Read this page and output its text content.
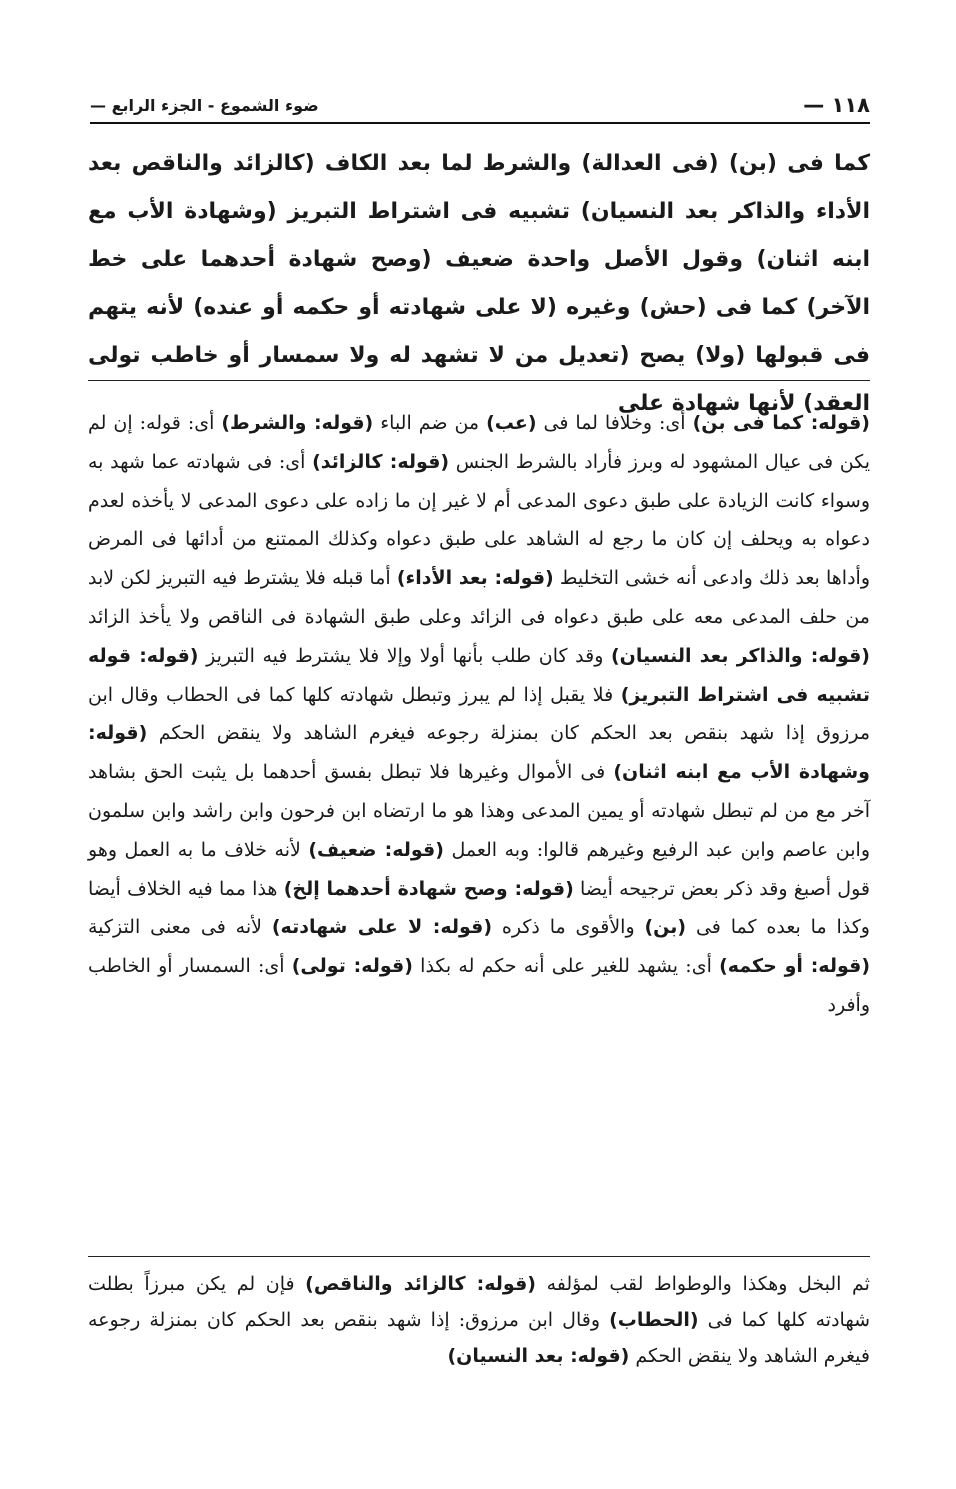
١١٨ —
ضوء الشموع - الجزء الرابع —

كما فى (بن) (فى العدالة) والشرط لما بعد الكاف (كالزائد والناقص بعد الأداء والذاكر بعد النسيان) تشبيه فى اشتراط التبريز (وشهادة الأب مع ابنه اثنان) وقول الأصل واحدة ضعيف (وصح شهادة أحدهما على خط الآخر) كما فى (حش) وغيره (لا على شهادته أو حكمه أو عنده) لأنه يتهم فى قبولها (ولا) يصح (تعديل من لا تشهد له ولا سمسار أو خاطب تولى العقد) لأنها شهادة على

(قوله: كما فى بن) أى: وخلافا لما فى (عب) من ضم الباء (قوله: والشرط) أى: قوله: إن لم يكن فى عيال المشهود له وبرز فأراد بالشرط الجنس (قوله: كالزائد) أى: فى شهادته عما شهد به وسواء كانت الزيادة على طبق دعوى المدعى أم لا غير إن ما زاده على دعوى المدعى لا يأخذه لعدم دعواه به ويحلف إن كان ما رجع له الشاهد على طبق دعواه وكذلك الممتنع من أدائها فى المرض وأداها بعد ذلك وادعى أنه خشى التخليط (قوله: بعد الأداء) أما قبله فلا يشترط فيه التبريز لكن لابد من حلف المدعى معه على طبق دعواه فى الزائد وعلى طبق الشهادة فى الناقص ولا يأخذ الزائد (قوله: والذاكر بعد النسيان) وقد كان طلب بأنها أولا وإلا فلا يشترط فيه التبريز (قوله: قوله تشبيه فى اشتراط التبريز) فلا يقبل إذا لم يبرز وتبطل شهادته كلها كما فى الحطاب وقال ابن مرزوق إذا شهد بنقص بعد الحكم كان بمنزلة رجوعه فيغرم الشاهد ولا ينقض الحكم (قوله: وشهادة الأب مع ابنه اثنان) فى الأموال وغيرها فلا تبطل بفسق أحدهما بل يثبت الحق بشاهد آخر مع من لم تبطل شهادته أو يمين المدعى وهذا هو ما ارتضاه ابن فرحون وابن راشد وابن سلمون وابن عاصم وابن عبد الرفيع وغيرهم قالوا: وبه العمل (قوله: ضعيف) لأنه خلاف ما به العمل وهو قول أصبغ وقد ذكر بعض ترجيحه أيضا (قوله: وصح شهادة أحدهما إلخ) هذا مما فيه الخلاف أيضا وكذا ما بعده كما فى (بن) والأقوى ما ذكره (قوله: لا على شهادته) لأنه فى معنى التزكية (قوله: أو حكمه) أى: يشهد للغير على أنه حكم له بكذا (قوله: تولى) أى: السمسار أو الخاطب وأفرد

ثم البخل وهكذا والوطواط لقب لمؤلفه (قوله: كالزائد والناقص) فإن لم يكن مبرزاً بطلت شهادته كلها كما فى (الحطاب) وقال ابن مرزوق: إذا شهد بنقص بعد الحكم كان بمنزلة رجوعه فيغرم الشاهد ولا ينقض الحكم (قوله: بعد النسيان)
